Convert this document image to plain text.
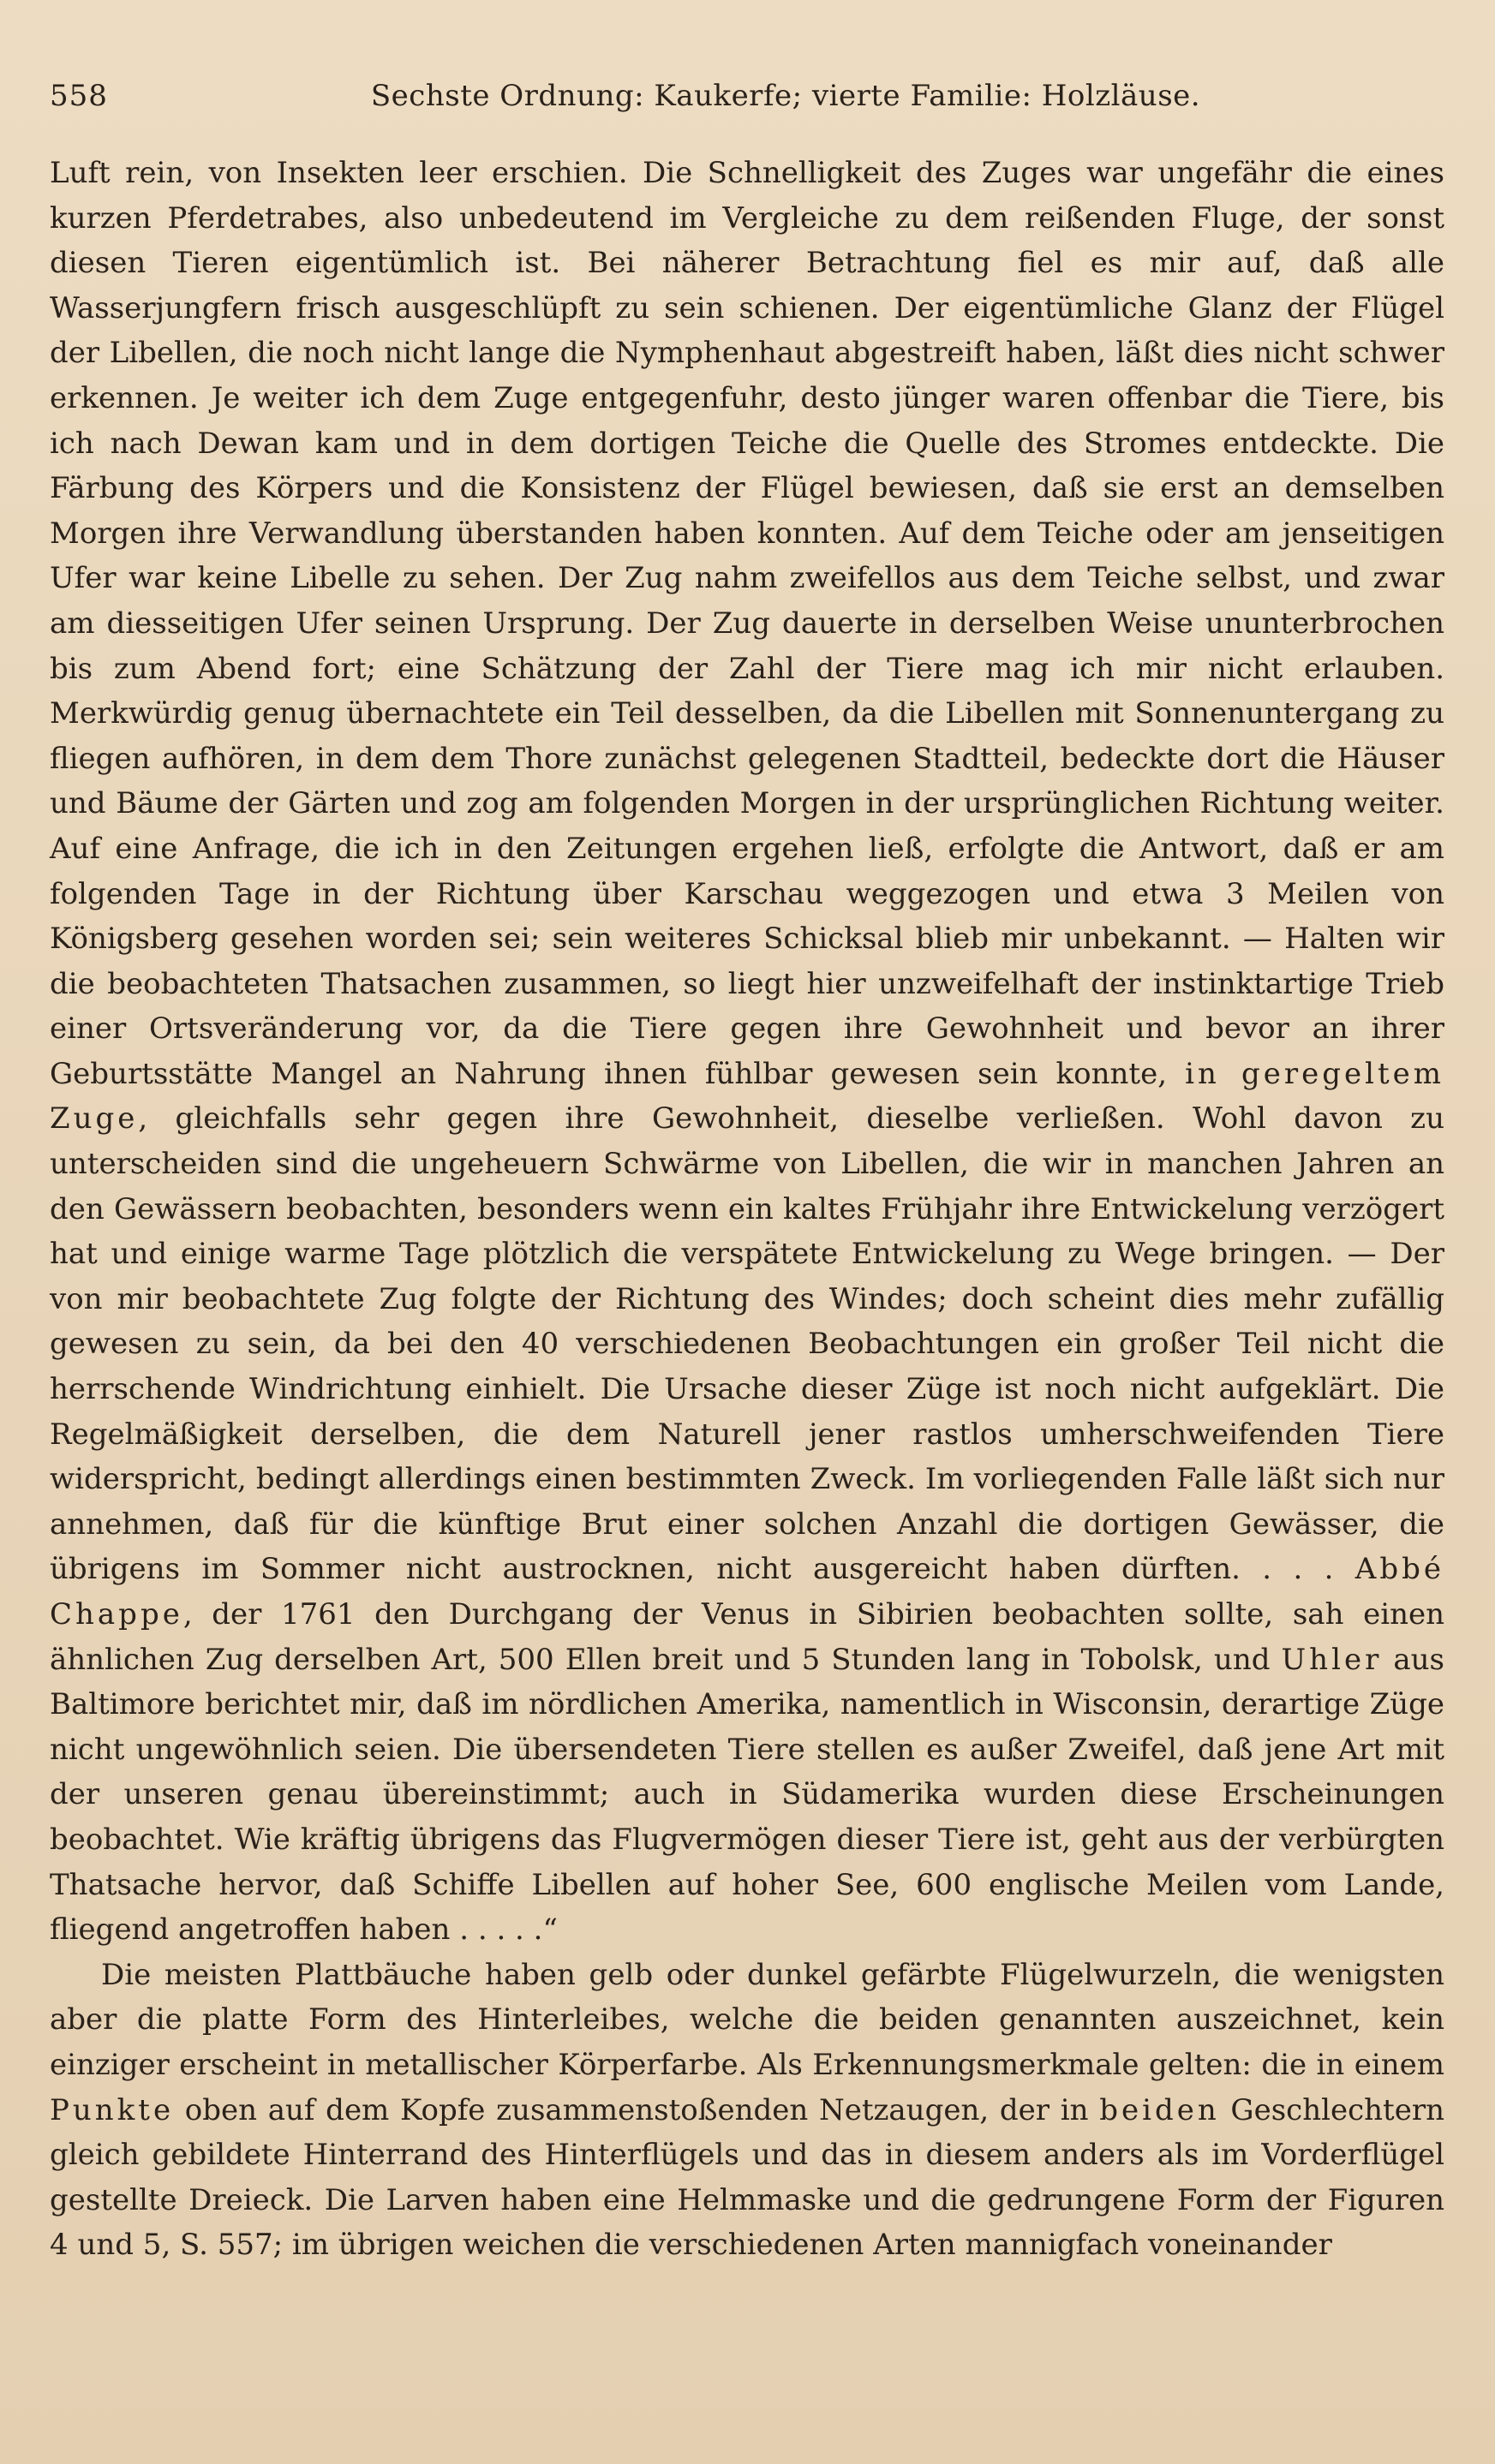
558	Sechste Ordnung: Kaukerfe; vierte Familie: Holzläuse.

Luft rein, von Insekten leer erschien. Die Schnelligkeit des Zuges war ungefähr die eines kurzen Pferdetrabes, also unbedeutend im Vergleiche zu dem reißenden Fluge, der sonst diesen Tieren eigentümlich ist. Bei näherer Betrachtung fiel es mir auf, daß alle Wasserjungfern frisch ausgeschlüpft zu sein schienen. Der eigentümliche Glanz der Flügel der Libellen, die noch nicht lange die Nymphenhaut abgestreift haben, läßt dies nicht schwer erkennen. Je weiter ich dem Zuge entgegenfuhr, desto jünger waren offenbar die Tiere, bis ich nach Dewan kam und in dem dortigen Teiche die Quelle des Stromes entdeckte. Die Färbung des Körpers und die Konsistenz der Flügel bewiesen, daß sie erst an demselben Morgen ihre Verwandlung überstanden haben konnten. Auf dem Teiche oder am jenseitigen Ufer war keine Libelle zu sehen. Der Zug nahm zweifellos aus dem Teiche selbst, und zwar am diesseitigen Ufer seinen Ursprung. Der Zug dauerte in derselben Weise ununterbrochen bis zum Abend fort; eine Schätzung der Zahl der Tiere mag ich mir nicht erlauben. Merkwürdig genug übernachtete ein Teil desselben, da die Libellen mit Sonnenuntergang zu fliegen aufhören, in dem dem Thore zunächst gelegenen Stadtteil, bedeckte dort die Häuser und Bäume der Gärten und zog am folgenden Morgen in der ursprünglichen Richtung weiter. Auf eine Anfrage, die ich in den Zeitungen ergehen ließ, erfolgte die Antwort, daß er am folgenden Tage in der Richtung über Karschau weggezogen und etwa 3 Meilen von Königsberg gesehen worden sei; sein weiteres Schicksal blieb mir unbekannt. — Halten wir die beobachteten Thatsachen zusammen, so liegt hier unzweifelhaft der instinktartige Trieb einer Ortsveränderung vor, da die Tiere gegen ihre Gewohnheit und bevor an ihrer Geburtsstätte Mangel an Nahrung ihnen fühlbar gewesen sein konnte, in geregeltem Zuge, gleichfalls sehr gegen ihre Gewohnheit, dieselbe verließen. Wohl davon zu unterscheiden sind die ungeheuern Schwärme von Libellen, die wir in manchen Jahren an den Gewässern beobachten, besonders wenn ein kaltes Frühjahr ihre Entwickelung verzögert hat und einige warme Tage plötzlich die verspätete Entwickelung zu Wege bringen. — Der von mir beobachtete Zug folgte der Richtung des Windes; doch scheint dies mehr zufällig gewesen zu sein, da bei den 40 verschiedenen Beobachtungen ein großer Teil nicht die herrschende Windrichtung einhielt. Die Ursache dieser Züge ist noch nicht aufgeklärt. Die Regelmäßigkeit derselben, die dem Naturell jener rastlos umherschweifenden Tiere widerspricht, bedingt allerdings einen bestimmten Zweck. Im vorliegenden Falle läßt sich nur annehmen, daß für die künftige Brut einer solchen Anzahl die dortigen Gewässer, die übrigens im Sommer nicht austrocknen, nicht ausgereicht haben dürften. . . . Abbé Chappe, der 1761 den Durchgang der Venus in Sibirien beobachten sollte, sah einen ähnlichen Zug derselben Art, 500 Ellen breit und 5 Stunden lang in Tobolsk, und Uhler aus Baltimore berichtet mir, daß im nördlichen Amerika, namentlich in Wisconsin, derartige Züge nicht ungewöhnlich seien. Die übersendeten Tiere stellen es außer Zweifel, daß jene Art mit der unseren genau übereinstimmt; auch in Südamerika wurden diese Erscheinungen beobachtet. Wie kräftig übrigens das Flugvermögen dieser Tiere ist, geht aus der verbürgten Thatsache hervor, daß Schiffe Libellen auf hoher See, 600 englische Meilen vom Lande, fliegend angetroffen haben . . . . .“

Die meisten Plattbäuche haben gelb oder dunkel gefärbte Flügelwurzeln, die wenigsten aber die platte Form des Hinterleibes, welche die beiden genannten auszeichnet, kein einziger erscheint in metallischer Körperfarbe. Als Erkennungsmerkmale gelten: die in einem Punkte oben auf dem Kopfe zusammenstoßenden Netzaugen, der in beiden Geschlechtern gleich gebildete Hinterrand des Hinterflügels und das in diesem anders als im Vorderflügel gestellte Dreieck. Die Larven haben eine Helmmaske und die gedrungene Form der Figuren 4 und 5, S. 557; im übrigen weichen die verschiedenen Arten mannigfach voneinander
